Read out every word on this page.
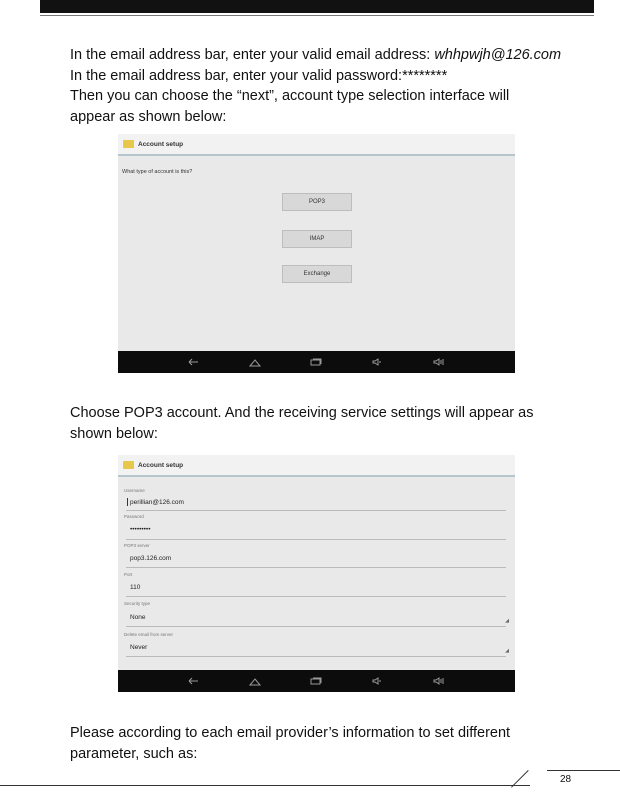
In the email address bar, enter your valid email address: whhpwjh@126.com

In the email address bar, enter your valid password:********

Then you can choose the “next”, account type selection interface will

appear as shown below:

Account setup
What type of account is this?
POP3
IMAP
Exchange

Choose POP3 account. And the receiving service settings will appear as

shown below:

Account setup
Username
perillian@126.com
Password
•••••••••
POP3 server
pop3.126.com
Port
110
Security type
None	◢
Delete email from server
Never	◢

Please according to each email provider’s information to set different

parameter, such as:

28
